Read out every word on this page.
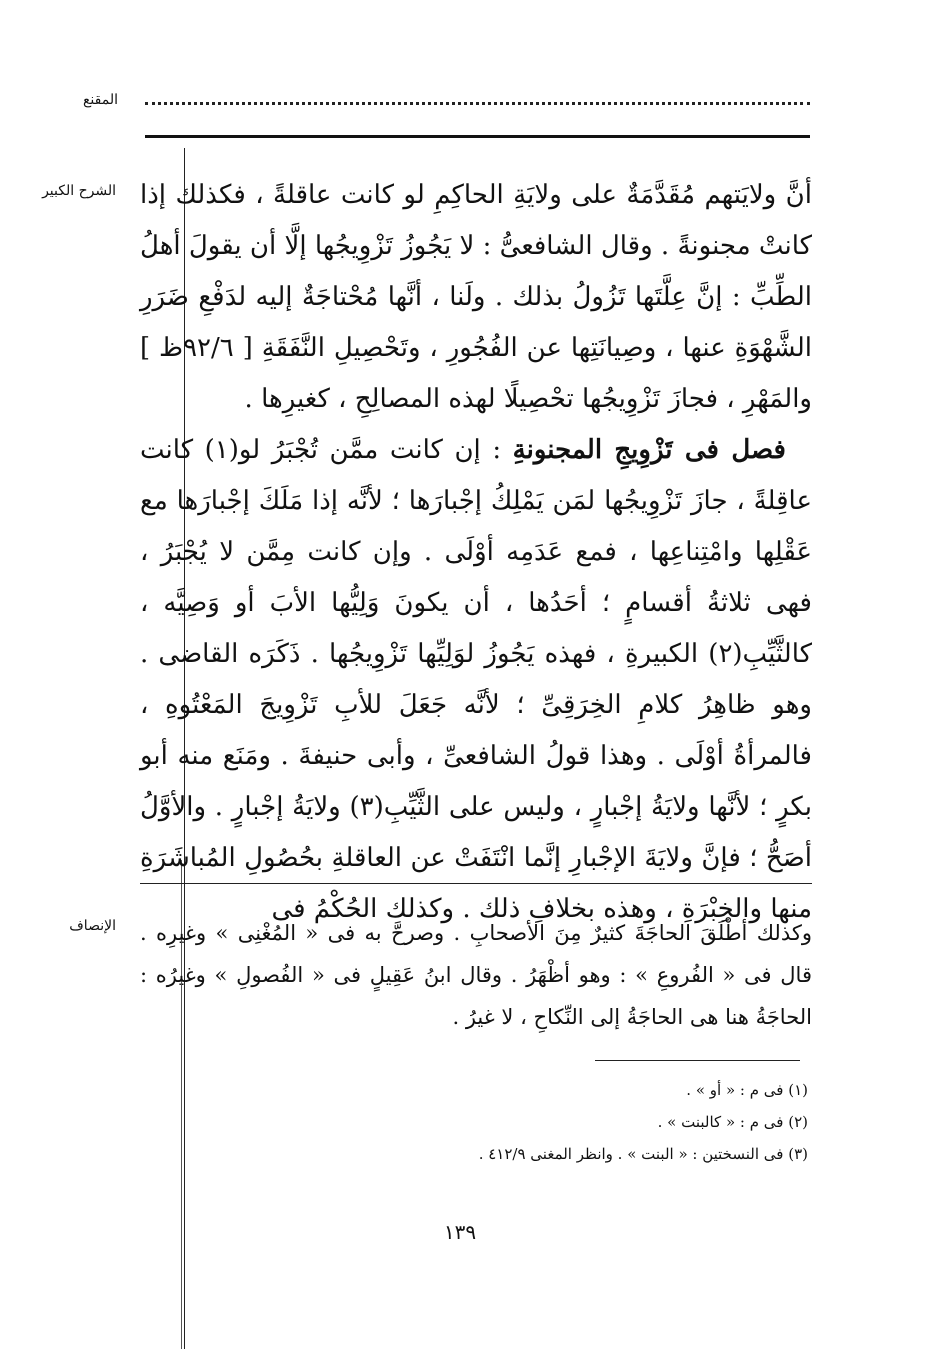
المقنع
الشرح الكبير أنَّ ولايَتهم مُقَدَّمَةٌ على ولايَةِ الحاكِمِ لو كانت عاقلةً ، فكذلك إذا كانتْ مجنونةً . وقال الشافعىُّ : لا يَجُوزُ تَزْوِيجُها إلَّا أن يقولَ أهلُ الطِّبِّ : إنَّ عِلَّتَها تَزُولُ بذلك . ولَنا ، أنَّها مُحْتاجَةٌ إليه لدَفْعِ ضَرَرِ الشَّهْوَةِ عنها ، وصِيانَتِها عن الفُجُورِ ، وتَحْصِيلِ النَّفَقَةِ [ ٩٢/٦ظ ] والمَهْرِ ، فجازَ تَزْوِيجُها تحْصِيلًا لهذه المصالِحِ ، كغيرِها .

 فصل فى تَزْوِيجِ المجنونةِ : إن كانت ممَّن تُجْبَرُ لو(١) كانت عاقِلةً ، جازَ تَزْوِيجُها لمَن يَمْلِكُ إجْبارَها ؛ لأنَّه إذا مَلَكَ إجْبارَها مع عَقْلِها وامْتِناعِها ، فمع عَدَمِه أوْلَى . وإن كانت مِمَّن لا يُجْبَرُ ، فهى ثلاثةُ أقسامٍ ؛ أحَدُها ، أن يكونَ وَلِيُّها الأبَ أو وَصِيَّه ، كالثَّيِّبِ(٢) الكبيرةِ ، فهذه يَجُوزُ لوَلِيِّها تَزْوِيجُها . ذَكَرَه القاضى . وهو ظاهِرُ كلامِ الخِرَقِىِّ ؛ لأنَّه جَعَلَ للأبِ تَزْوِيجَ المَعْتُوهِ ، فالمرأةُ أوْلَى . وهذا قولُ الشافعىِّ ، وأبى حنيفةَ . ومَنَع منه أبو بكرٍ ؛ لأنَّها ولايَةُ إجْبارٍ ، وليس على الثَّيِّبِ(٣) ولايَةُ إجْبارٍ . والأوَّلُ أصَحُّ ؛ فإنَّ ولايَةَ الإجْبارِ إنَّما انْتَفَتْ عن العاقلةِ بحُصُولِ المُباشَرَةِ منها والخِبْرَةِ ، وهذه بخلافِ ذلك . وكذلك الحُكْمُ فى

الإنصاف وكذلك أطْلَقَ الحاجَةَ كثيرٌ مِنَ الأصحابِ . وصرحَّ به فى « المُغْنِى » وغيرِه . قال فى « الفُروعِ » : وهو أظْهَرُ . وقال ابنُ عَقِيلٍ فى « الفُصولِ » وغيرُه : الحاجَةُ هنا هى الحاجَةُ إلى النِّكاحِ ، لا غيرُ .

(١) فى م : « أو » .
(٢) فى م : « كالبنت » .
(٣) فى النسختين : « البنت » . وانظر المغنى ٤١٢/٩ .
١٣٩
